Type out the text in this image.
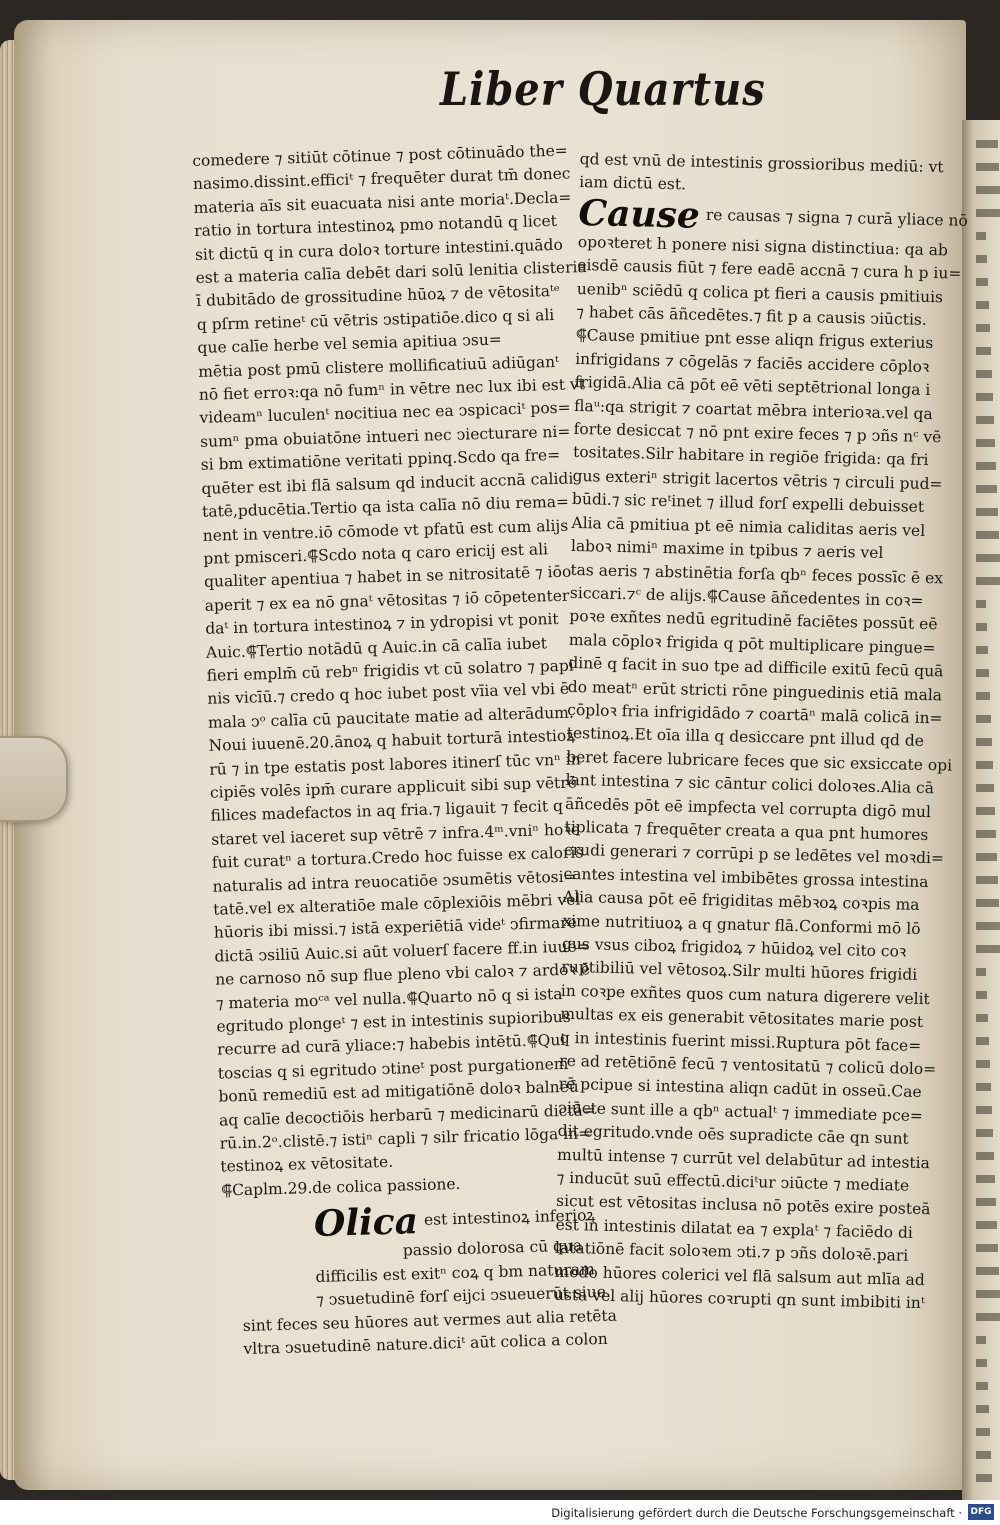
Liber Quartus
comedere ⁊ sitiūt cōtinue ⁊ post cōtinuādo the=
nasimo.dissint.efficiᵗ ⁊ frequēter durat tm̄ donec
materia aīs sit euacuata nisi ante moriaᵗ.Decla=
ratio in tortura intestinoꝝ pmo notandū q licet
sit dictū q in cura doloꝛ torture intestini.quādo
est a materia calīa debēt dari solū lenitia clisteria
ī dubitādo de grossitudine hūoꝝ ⁊ de vētositaᵗᵉ
q pſrm retineᵗ cū vētris ↄstipatiōe.dico q si ali
que calīe herbe vel semia apitiua ↄsu=
mētia post pmū clistere mollificatiuū adiūganᵗ
nō fiet erroꝛ:qa nō fumⁿ in vētre nec lux ibi est vt
videamⁿ luculenᵗ nocitiua nec ea ↄspicaciᵗ pos=
sumⁿ pma obuiatōne intueri nec ↄiecturare ni=
si bm extimatiōne veritati ppinq.Scdo qa fre=
quēter est ibi flā salsum qd inducit accnā calidi
tatē,pducētia.Tertio qa ista calīa nō diu rema=
nent in ventre.iō cōmode vt pfatū est cum alijs
pnt pmisceri.⸿Scdo nota q caro ericij est ali
qualiter apentiua ⁊ habet in se nitrositatē ⁊ iōo
aperit ⁊ ex ea nō gnaᵗ vētositas ⁊ iō cōpetenter
daᵗ in tortura intestinoꝝ ⁊ in ydropisi vt ponit
Auic.⸿Tertio notādū q Auic.in cā calīa iubet
fieri emplm̄ cū rebⁿ frigidis vt cū solatro ⁊ papi
nis vicīū.⁊ credo q hoc iubet post vīia vel vbi ē
mala ↄᵒ calīa cū paucitate matie ad alterādum.
Noui iuuenē.20.ānoꝝ q habuit torturā intestioꝝ
rū ⁊ in tpe estatis post labores itinerſ tūc vnⁿ in
cipiēs volēs ipm̄ curare applicuit sibi sup vētrē
filices madefactos in aq fria.⁊ ligauit ⁊ fecit q
staret vel iaceret sup vētrē ⁊ infra.4ᵐ.vniⁿ hoꝛe
fuit curatⁿ a tortura.Credo hoc fuisse ex caloris
naturalis ad intra reuocatiōe ↄsumētis vētosi=
tatē.vel ex alteratiōe male cōplexiōis mēbri vel
hūoris ibi missi.⁊ istā experiētiā videᵗ ↄfirmare
dictā ↄsiliū Auic.si aūt voluerſ facere ff.in iuue=
ne carnoso nō sup flue pleno vbi caloꝛ ⁊ ardoꝛ ē
⁊ materia moᶜᵃ vel nulla.⸿Quarto nō q si ista
egritudo plongeᵗ ⁊ est in intestinis supioribus
recurre ad curā yliace:⁊ habebis intētū.⸿Qui
toscias q si egritudo ↄtineᵗ post purgationem
bonū remediū est ad mitigatiōnē doloꝛ balneū
aq calīe decoctiōis herbarū ⁊ medicinarū dictā=
rū.in.2ᵒ.clistē.⁊ istiⁿ capli ⁊ silr fricatio lōga in=
testinoꝝ ex vētositate.
⸿Caplm.29.de colica passione.
Olica est intestinoꝝ inferioꝝ
passio dolorosa cū qua
difficilis est exitⁿ coꝝ q bm naturam
⁊ ↄsuetudinē forſ eijci ↄsueuerūt siue
sint feces seu hūores aut vermes aut alia retēta
vltra ↄsuetudinē nature.diciᵗ aūt colica a colon
qd est vnū de intestinis grossioribus mediū: vt
iam dictū est.
Cause re causas ⁊ signa ⁊ curā yliace nō
opoꝛteret h ponere nisi signa distinctiua: qa ab
eisdē causis fiūt ⁊ fere eadē accnā ⁊ cura h p iu=
uenibⁿ sciēdū q colica pt fieri a causis pmitiuis
⁊ habet cās āñcedētes.⁊ fit p a causis ↄiūctis.
⸿Cause pmitiue pnt esse aliqn frigus exterius
infrigidans ⁊ cōgelās ⁊ faciēs accidere cōploꝛ
frigidā.Alia cā pōt eē vēti septētrional longa i
flaᵘ:qa strigit ⁊ coartat mēbra interioꝛa.vel qa
forte desiccat ⁊ nō pnt exire feces ⁊ p ↄñs nᶜ vē
tositates.Silr habitare in regiōe frigida: qa fri
gus exteriⁿ strigit lacertos vētris ⁊ circuli pud=
būdi.⁊ sic reᵗinet ⁊ illud forſ expelli debuisset
Alia cā pmitiua pt eē nimia caliditas aeris vel
laboꝛ nimiⁿ maxime in tpibus ⁊ aeris vel
tas aeris ⁊ abstinētia forſa qbⁿ feces possīc ē ex
siccari.⁊ᶜ de alijs.⸿Cause āñcedentes in coꝛ=
poꝛe exñtes nedū egritudinē faciētes possūt eē
mala cōploꝛ frigida q pōt multiplicare pingue=
dinē q facit in suo tpe ad difficile exitū fecū quā
do meatⁿ erūt stricti rōne pinguedinis etiā mala
cōploꝛ fria infrigidādo ⁊ coartāⁿ malā colicā in=
testinoꝝ.Et oīa illa q desiccare pnt illud qd de
beret facere lubricare feces que sic exsiccate opi
lant intestina ⁊ sic cāntur colici doloꝛes.Alia cā
āñcedēs pōt eē impfecta vel corrupta digō mul
tiplicata ⁊ frequēter creata a qua pnt humores
crudi generari ⁊ corrūpi p se ledētes vel moꝛdi=
cantes intestina vel imbibētes grossa intestina
Alia causa pōt eē frigiditas mēbꝛoꝝ coꝛpis ma
xime nutritiuoꝝ a q gnatur flā.Conformi mō lō
gus vsus ciboꝝ frigidoꝝ ⁊ hūidoꝝ vel cito coꝛ
ruptibiliū vel vētosoꝝ.Silr multi hūores frigidi
in coꝛpe exñtes quos cum natura digerere velit
multas ex eis generabit vētositates marie post
q in intestinis fuerint missi.Ruptura pōt face=
re ad retētiōnē fecū ⁊ ventositatū ⁊ colicū dolo=
rē pcipue si intestina aliqn cadūt in osseū.Cae
ↄiūcte sunt ille a qbⁿ actualᵗ ⁊ immediate pce=
dit egritudo.vnde oēs supradicte cāe qn sunt
multū intense ⁊ currūt vel delabūtur ad intestia
⁊ inducūt suū effectū.diciᵗur ↄiūcte ⁊ mediate
sicut est vētositas inclusa nō potēs exire posteā
est in intestinis dilatat ea ⁊ explaᵗ ⁊ faciēdo di
latatiōnē facit soloꝛem ↄti.⁊ p ↄñs doloꝛē.pari
modo hūores colerici vel flā salsum aut mlīa ad
usta vel alij hūores coꝛrupti qn sunt imbibiti inᵗ
Digitalisierung gefördert durch die Deutsche Forschungsgemeinschaft · DFG
